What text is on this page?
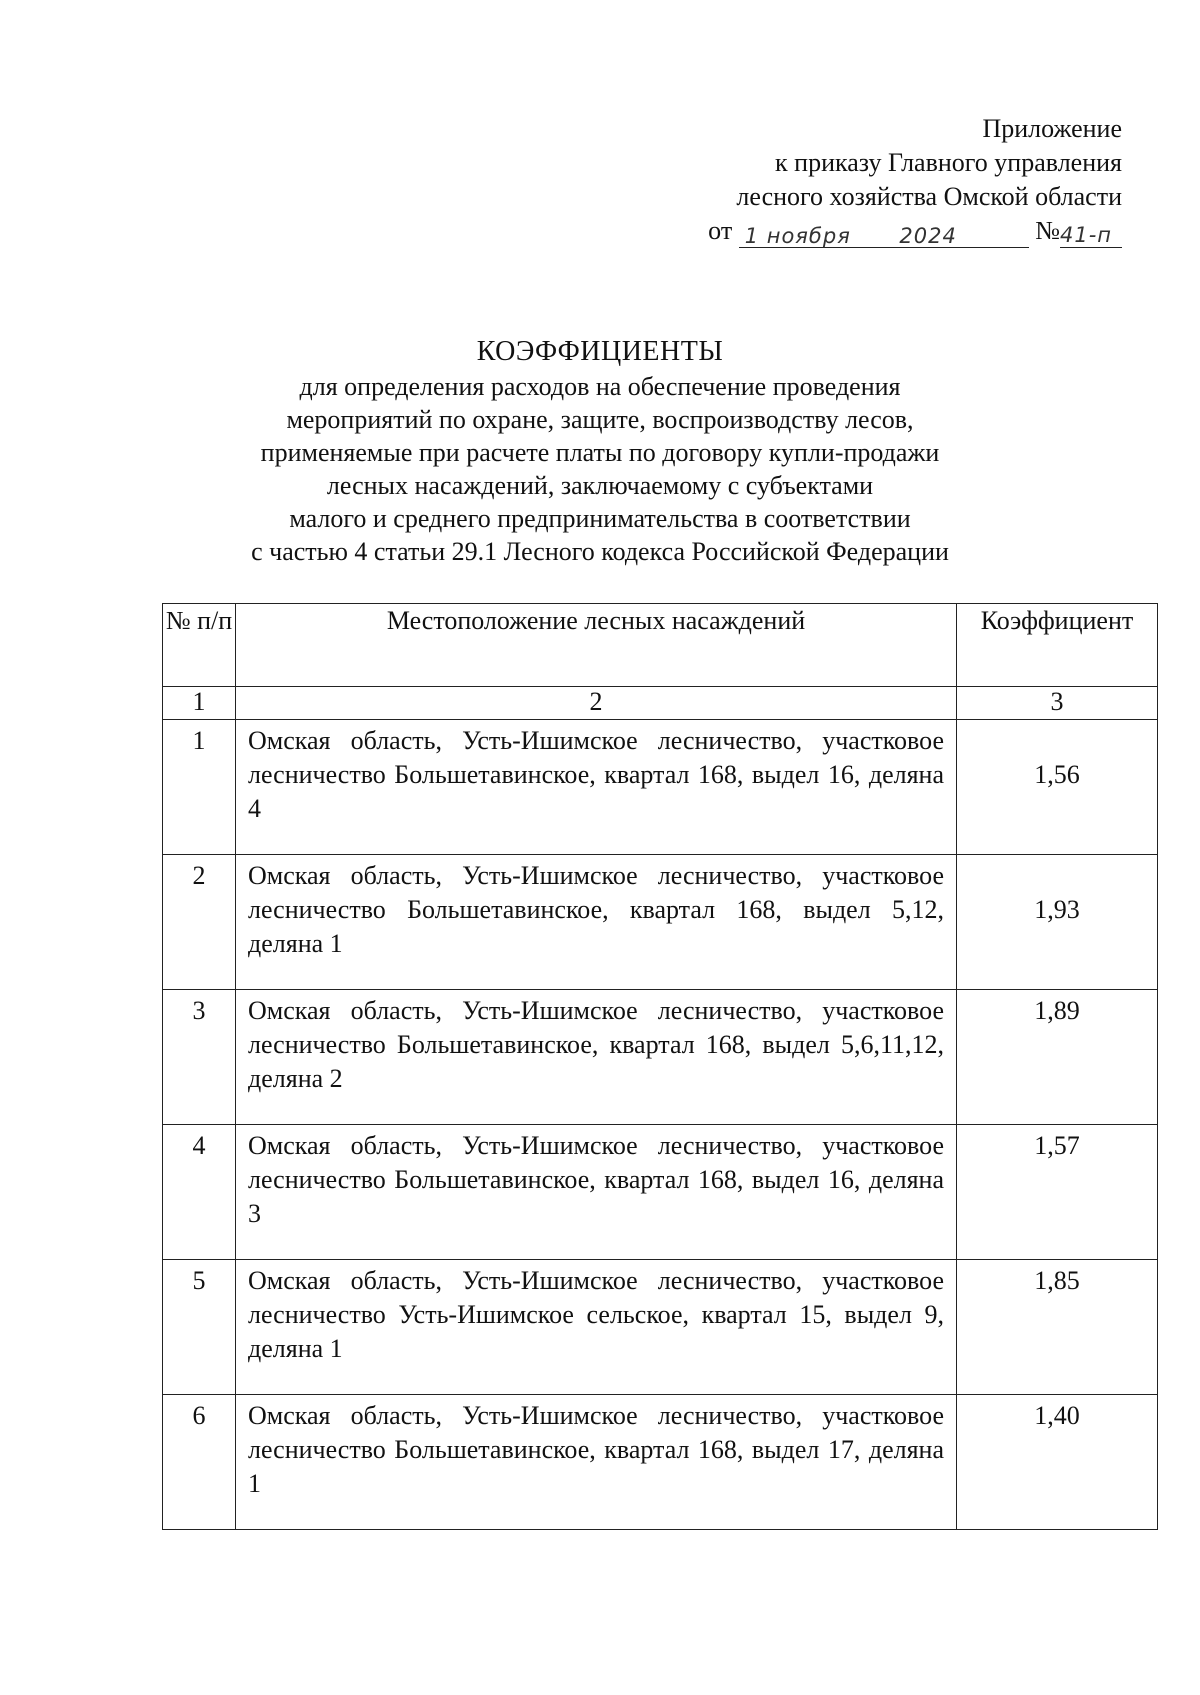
Приложение
к приказу Главного управления
лесного хозяйства Омской области
от 1 ноября 2024	№41-п
КОЭФФИЦИЕНТЫ
для определения расходов на обеспечение проведения
мероприятий по охране, защите, воспроизводству лесов,
применяемые при расчете платы по договору купли-продажи
лесных насаждений, заключаемому с субъектами
малого и среднего предпринимательства в соответствии
с частью 4 статьи 29.1 Лесного кодекса Российской Федерации
№ п/п	Местоположение лесных насаждений	Коэффициент
1	2	3

1	Омская область, Усть-Ишимское лесничество, участковое лесничество Большетавинское, квартал 168, выдел 16, деляна 4	1,56

2	Омская область, Усть-Ишимское лесничество, участковое лесничество Большетавинское, квартал 168, выдел 5,12, деляна 1	1,93

3	Омская область, Усть-Ишимское лесничество, участковое лесничество Большетавинское, квартал 168, выдел 5,6,11,12, деляна 2	1,89

4	Омская область, Усть-Ишимское лесничество, участковое лесничество Большетавинское, квартал 168, выдел 16, деляна 3	1,57

5	Омская область, Усть-Ишимское лесничество, участковое лесничество Усть-Ишимское сельское, квартал 15, выдел 9, деляна 1	1,85

6	Омская область, Усть-Ишимское лесничество, участковое лесничество Большетавинское, квартал 168, выдел 17, деляна 1	1,40
